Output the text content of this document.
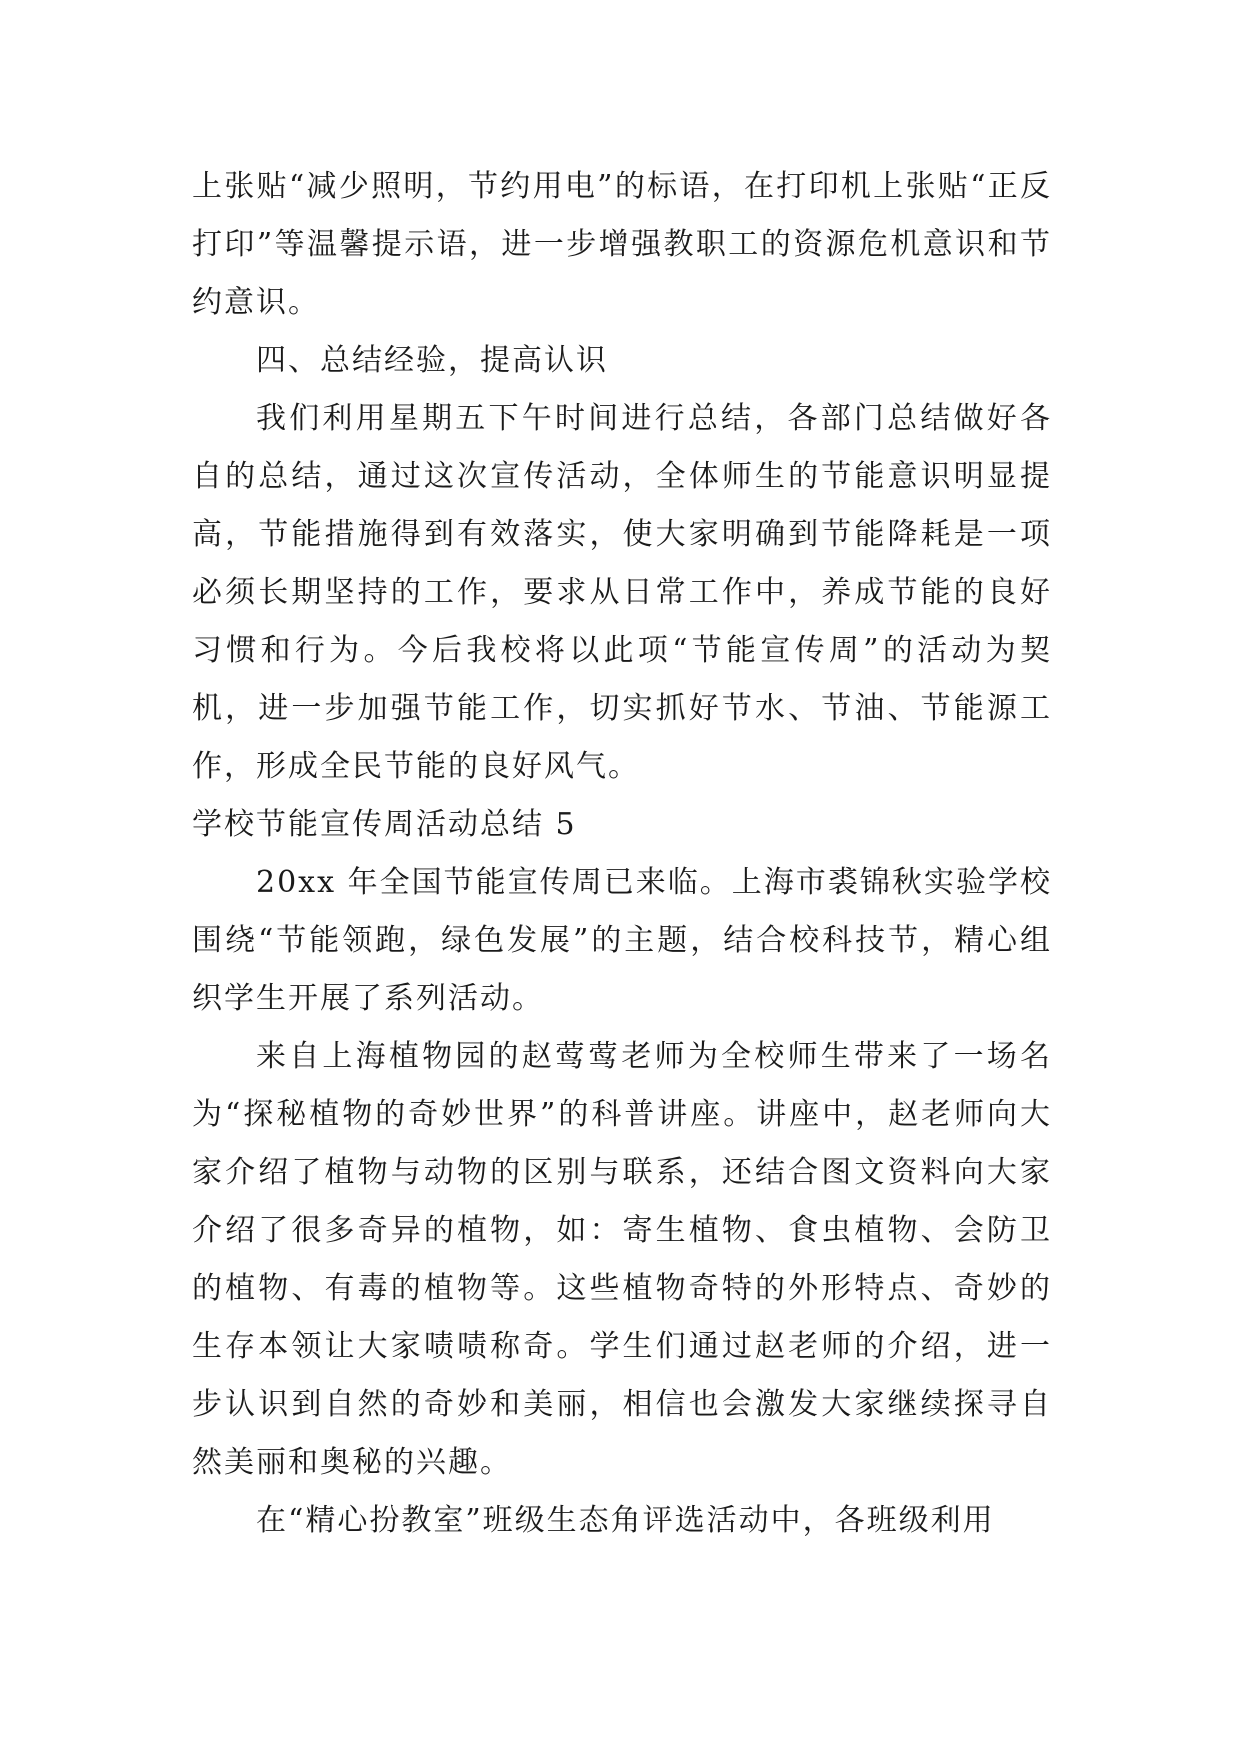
上张贴“减少照明，节约用电”的标语，在打印机上张贴“正反打印”等温馨提示语，进一步增强教职工的资源危机意识和节约意识。

四、总结经验，提高认识

我们利用星期五下午时间进行总结，各部门总结做好各自的总结，通过这次宣传活动，全体师生的节能意识明显提高，节能措施得到有效落实，使大家明确到节能降耗是一项必须长期坚持的工作，要求从日常工作中，养成节能的良好习惯和行为。今后我校将以此项“节能宣传周”的活动为契机，进一步加强节能工作，切实抓好节水、节油、节能源工作，形成全民节能的良好风气。

学校节能宣传周活动总结 5

20xx 年全国节能宣传周已来临。上海市裘锦秋实验学校围绕“节能领跑，绿色发展”的主题，结合校科技节，精心组织学生开展了系列活动。

来自上海植物园的赵莺莺老师为全校师生带来了一场名为“探秘植物的奇妙世界”的科普讲座。讲座中，赵老师向大家介绍了植物与动物的区别与联系，还结合图文资料向大家介绍了很多奇异的植物，如：寄生植物、食虫植物、会防卫的植物、有毒的植物等。这些植物奇特的外形特点、奇妙的生存本领让大家啧啧称奇。学生们通过赵老师的介绍，进一步认识到自然的奇妙和美丽，相信也会激发大家继续探寻自然美丽和奥秘的兴趣。

在“精心扮教室”班级生态角评选活动中，各班级利用
